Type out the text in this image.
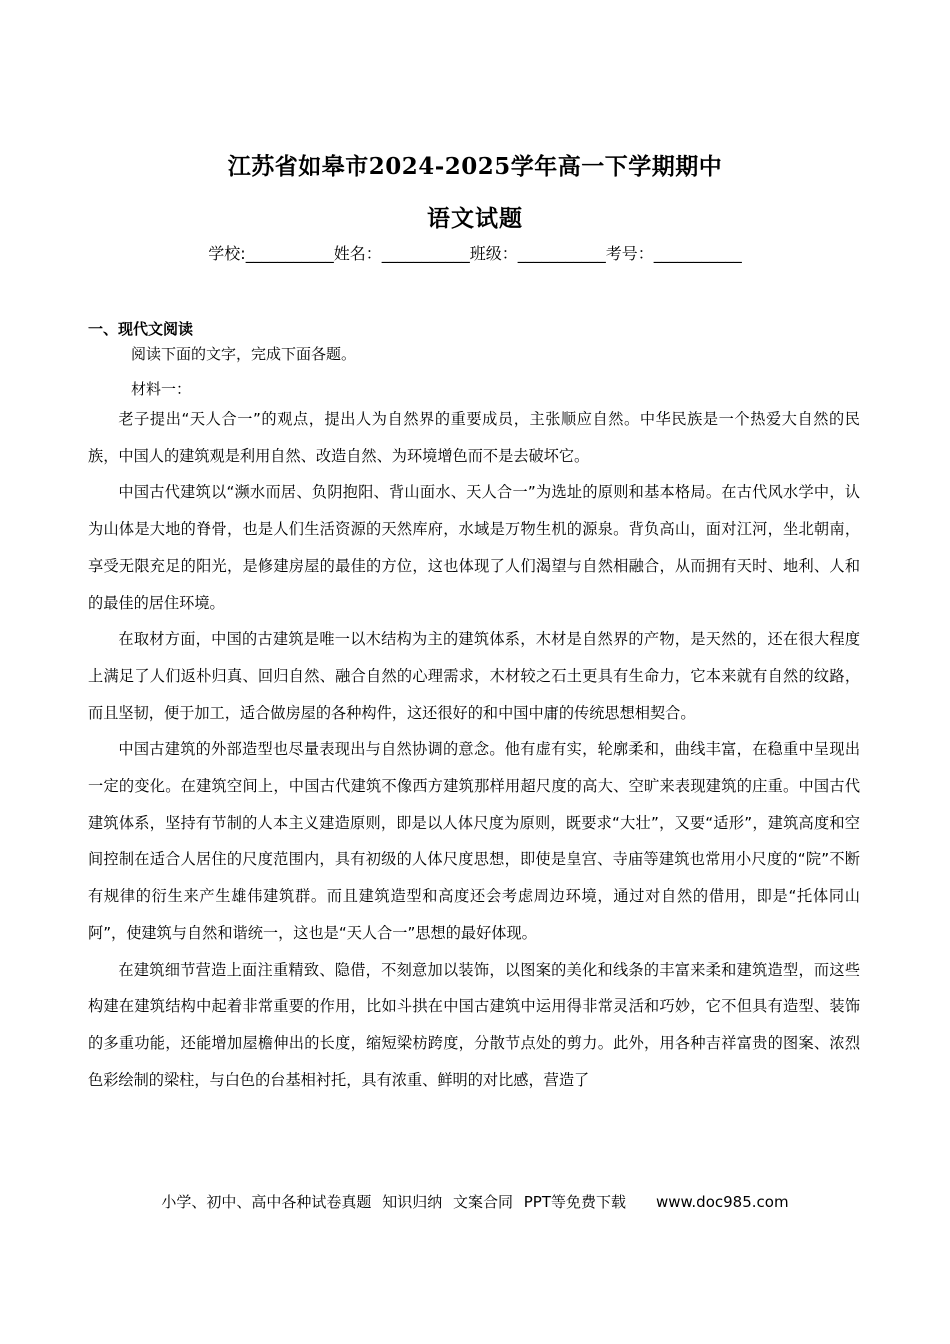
江苏省如皋市2024-2025学年高一下学期期中
语文试题
学校:___________姓名：___________班级：___________考号：___________
一、现代文阅读
阅读下面的文字，完成下面各题。
材料一：

老子提出“天人合一”的观点，提出人为自然界的重要成员，主张顺应自然。中华民族是一个热爱大自然的民族，中国人的建筑观是利用自然、改造自然、为环境增色而不是去破坏它。

中国古代建筑以“濒水而居、负阴抱阳、背山面水、天人合一”为选址的原则和基本格局。在古代风水学中，认为山体是大地的脊骨，也是人们生活资源的天然库府，水域是万物生机的源泉。背负高山，面对江河，坐北朝南，享受无限充足的阳光，是修建房屋的最佳的方位，这也体现了人们渴望与自然相融合，从而拥有天时、地利、人和的最佳的居住环境。

在取材方面，中国的古建筑是唯一以木结构为主的建筑体系，木材是自然界的产物，是天然的，还在很大程度上满足了人们返朴归真、回归自然、融合自然的心理需求，木材较之石土更具有生命力，它本来就有自然的纹路，而且坚韧，便于加工，适合做房屋的各种构件，这还很好的和中国中庸的传统思想相契合。

中国古建筑的外部造型也尽量表现出与自然协调的意念。他有虚有实，轮廓柔和，曲线丰富，在稳重中呈现出一定的变化。在建筑空间上，中国古代建筑不像西方建筑那样用超尺度的高大、空旷来表现建筑的庄重。中国古代建筑体系，坚持有节制的人本主义建造原则，即是以人体尺度为原则，既要求“大壮”，又要“适形”，建筑高度和空间控制在适合人居住的尺度范围内，具有初级的人体尺度思想，即使是皇宫、寺庙等建筑也常用小尺度的“院”不断有规律的衍生来产生雄伟建筑群。而且建筑造型和高度还会考虑周边环境，通过对自然的借用，即是“托体同山阿”，使建筑与自然和谐统一，这也是“天人合一”思想的最好体现。

在建筑细节营造上面注重精致、隐借，不刻意加以装饰，以图案的美化和线条的丰富来柔和建筑造型，而这些构建在建筑结构中起着非常重要的作用，比如斗拱在中国古建筑中运用得非常灵活和巧妙，它不但具有造型、装饰的多重功能，还能增加屋檐伸出的长度，缩短梁枋跨度，分散节点处的剪力。此外，用各种吉祥富贵的图案、浓烈色彩绘制的梁柱，与白色的台基相衬托，具有浓重、鲜明的对比感，营造了

小学、初中、高中各种试卷真题 知识归纳 文案合同 PPT等免费下载　　www.doc985.com
